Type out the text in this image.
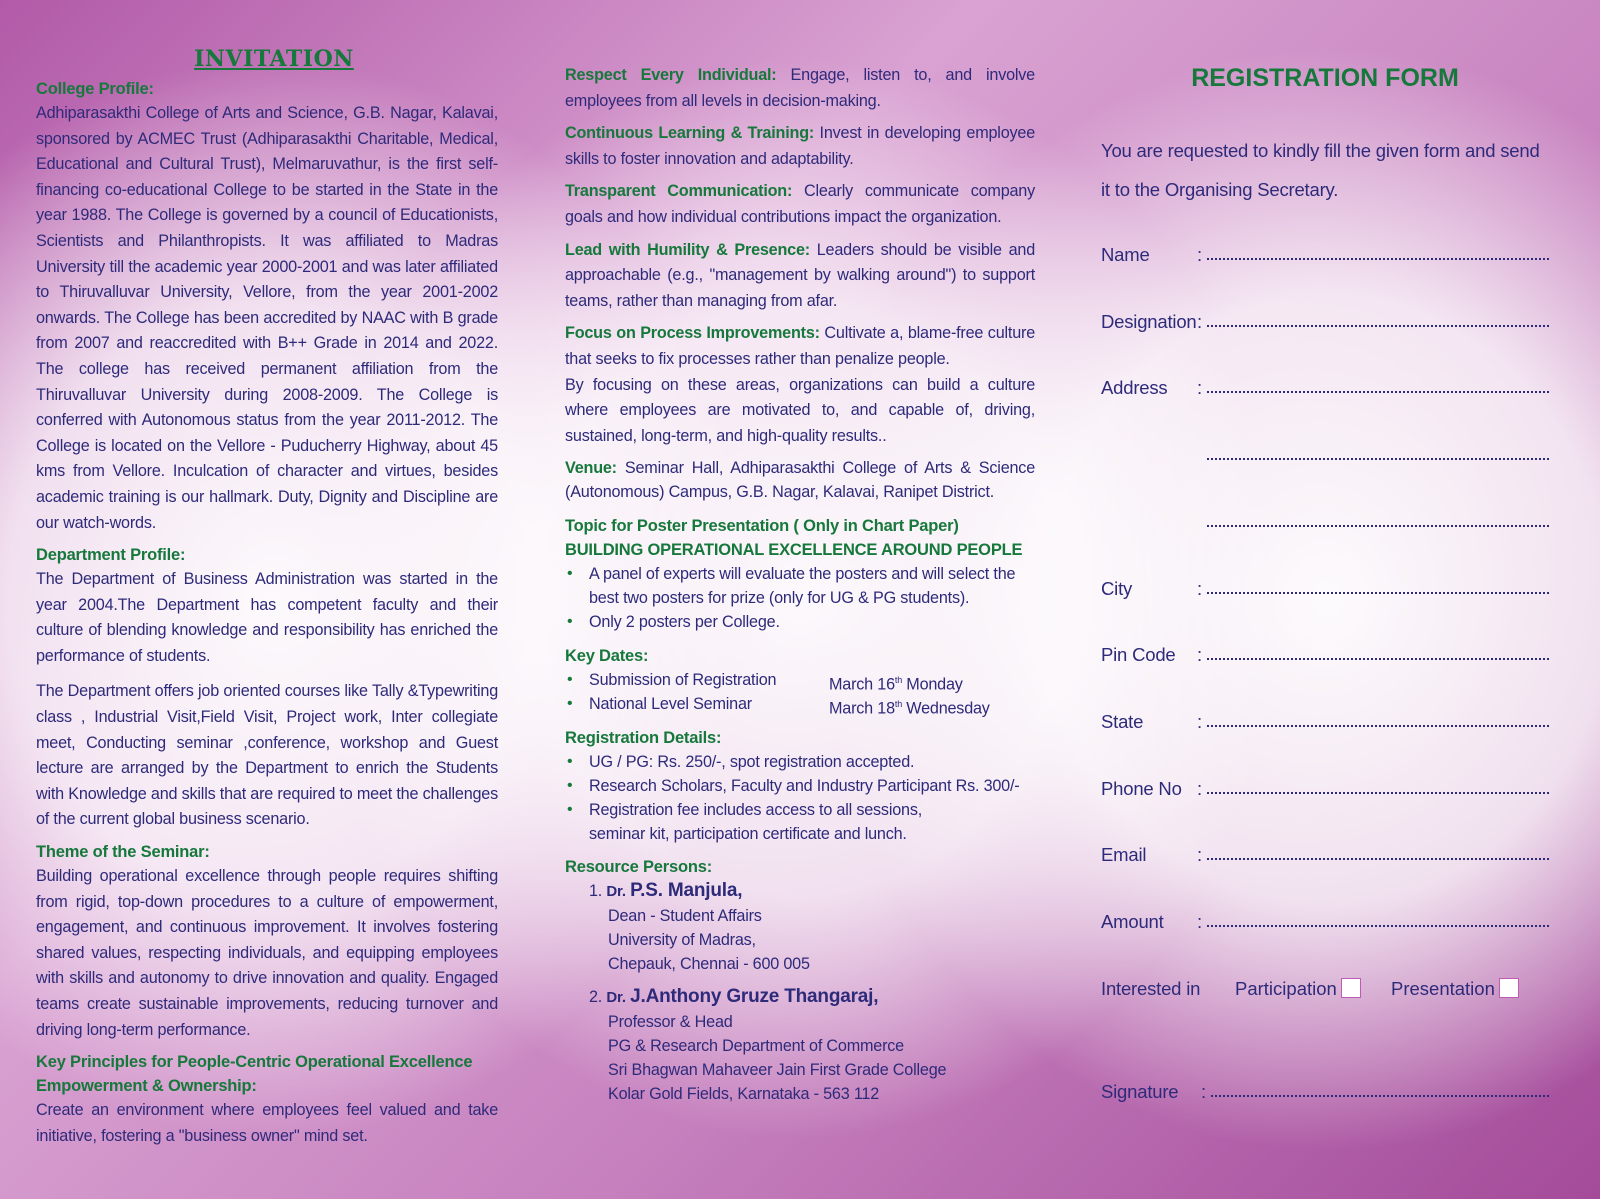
INVITATION

College Profile:

Adhiparasakthi College of Arts and Science, G.B. Nagar, Kalavai, sponsored by ACMEC Trust (Adhiparasakthi Charitable, Medical, Educational and Cultural Trust), Melmaruvathur, is the first self-financing co-educational College to be started in the State in the year 1988. The College is governed by a council of Educationists, Scientists and Philanthropists. It was affiliated to Madras University till the academic year 2000-2001 and was later affiliated to Thiruvalluvar University, Vellore, from the year 2001-2002 onwards. The College has been accredited by NAAC with B grade from 2007 and reaccredited with B++ Grade in 2014 and 2022. The college has received permanent affiliation from the Thiruvalluvar University during 2008-2009. The College is conferred with Autonomous status from the year 2011-2012. The College is located on the Vellore - Puducherry Highway, about 45 kms from Vellore. Inculcation of character and virtues, besides academic training is our hallmark. Duty, Dignity and Discipline are our watch-words.

Department Profile:

The Department of Business Administration was started in the year 2004.The Department has competent faculty and their culture of blending knowledge and responsibility has enriched the performance of students.

The Department offers job oriented courses like Tally &Typewriting class , Industrial Visit,Field Visit, Project work, Inter collegiate meet, Conducting seminar ,conference, workshop and Guest lecture are arranged by the Department to enrich the Students with Knowledge and skills that are required to meet the challenges of the current global business scenario.

Theme of the Seminar:

Building operational excellence through people requires shifting from rigid, top-down procedures to a culture of empowerment, engagement, and continuous improvement. It involves fostering shared values, respecting individuals, and equipping employees with skills and autonomy to drive innovation and quality. Engaged teams create sustainable improvements, reducing turnover and driving long-term performance.

Key Principles for People-Centric Operational Excellence

Empowerment & Ownership:

Create an environment where employees feel valued and take initiative, fostering a "business owner" mind set.

Respect Every Individual: Engage, listen to, and involve employees from all levels in decision-making.

Continuous Learning & Training: Invest in developing employee skills to foster innovation and adaptability.

Transparent Communication: Clearly communicate company goals and how individual contributions impact the organization.

Lead with Humility & Presence: Leaders should be visible and approachable (e.g., "management by walking around") to support teams, rather than managing from afar.

Focus on Process Improvements: Cultivate a, blame-free culture that seeks to fix processes rather than penalize people.

By focusing on these areas, organizations can build a culture where employees are motivated to, and capable of, driving, sustained, long-term, and high-quality results..

Venue: Seminar Hall, Adhiparasakthi College of Arts & Science (Autonomous) Campus, G.B. Nagar, Kalavai, Ranipet District.

Topic for Poster Presentation ( Only in Chart Paper)

BUILDING OPERATIONAL EXCELLENCE AROUND PEOPLE

• A panel of experts will evaluate the posters and will select the best two posters for prize (only for UG & PG students).
• Only 2 posters per College.

Key Dates:

• Submission of Registration	March 16th Monday
• National Level Seminar	March 18th Wednesday

Registration Details:

• UG / PG: Rs. 250/-, spot registration accepted.
• Research Scholars, Faculty and Industry Participant Rs. 300/-
• Registration fee includes access to all sessions,

seminar kit, participation certificate and lunch.

Resource Persons:

1. Dr. P.S. Manjula,

Dean - Student Affairs

University of Madras,

Chepauk, Chennai - 600 005

2. Dr. J.Anthony Gruze Thangaraj,

Professor & Head

PG & Research Department of Commerce

Sri Bhagwan Mahaveer Jain First Grade College

Kolar Gold Fields, Karnataka - 563 112

REGISTRATION FORM

You are requested to kindly fill the given form and send it to the Organising Secretary.

Name	:
Designation :
Address :
City	:
Pin Code :
State	:
Phone No :
Email	:
Amount :
Interested in Participation	Presentation
Signature :
